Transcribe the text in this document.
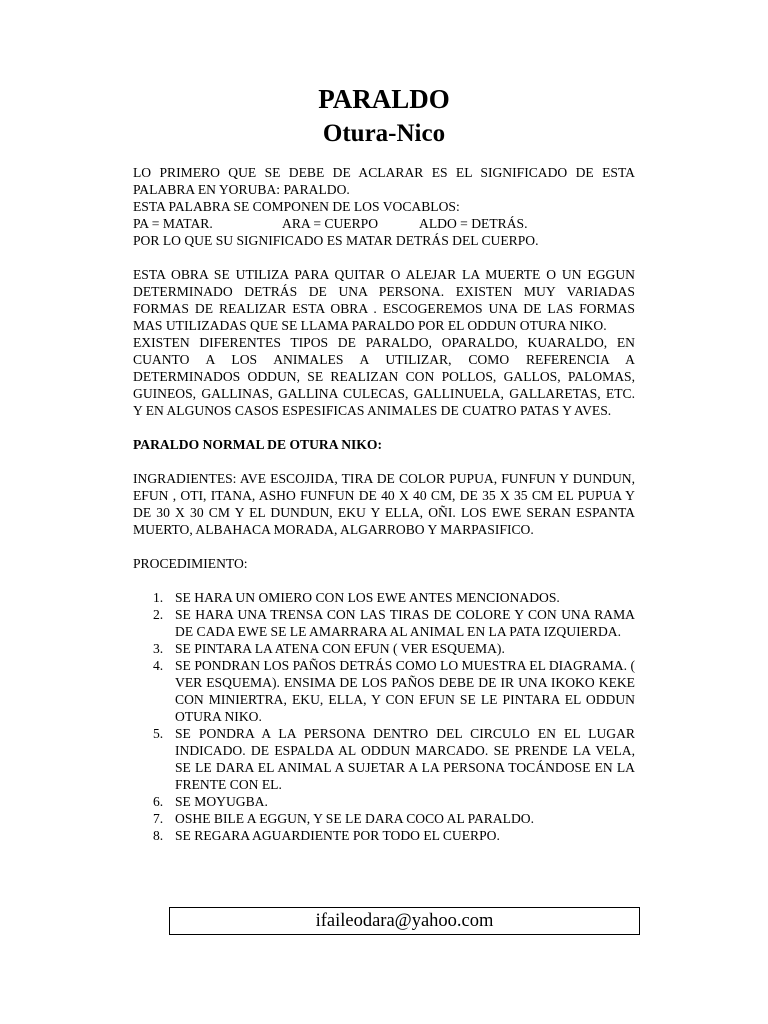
PARALDO
Otura-Nico

LO PRIMERO QUE SE DEBE DE ACLARAR ES EL SIGNIFICADO DE ESTA

PALABRA EN YORUBA: PARALDO.

ESTA PALABRA SE COMPONEN DE LOS VOCABLOS:

PA = MATAR.	ARA = CUERPO	ALDO = DETRÁS.

POR LO QUE SU SIGNIFICADO ES MATAR DETRÁS DEL CUERPO.

ESTA OBRA SE UTILIZA PARA QUITAR O ALEJAR LA MUERTE O UN EGGUN DETERMINADO DETRÁS DE UNA PERSONA. EXISTEN MUY VARIADAS FORMAS DE REALIZAR ESTA OBRA . ESCOGEREMOS UNA DE LAS FORMAS MAS UTILIZADAS QUE SE LLAMA PARALDO POR EL ODDUN OTURA NIKO.

EXISTEN DIFERENTES TIPOS DE PARALDO, OPARALDO, KUARALDO, EN CUANTO A LOS ANIMALES A UTILIZAR, COMO REFERENCIA A DETERMINADOS ODDUN, SE REALIZAN CON POLLOS, GALLOS, PALOMAS, GUINEOS, GALLINAS, GALLINA CULECAS, GALLINUELA, GALLARETAS, ETC. Y EN ALGUNOS CASOS ESPESIFICAS ANIMALES DE CUATRO PATAS Y AVES.

PARALDO NORMAL DE OTURA NIKO:

INGRADIENTES: AVE ESCOJIDA, TIRA DE COLOR PUPUA, FUNFUN Y DUNDUN, EFUN , OTI, ITANA, ASHO FUNFUN DE 40 X 40 CM, DE 35 X 35 CM EL PUPUA Y DE 30 X 30 CM Y EL DUNDUN, EKU Y ELLA, OÑI. LOS EWE SERAN ESPANTA MUERTO, ALBAHACA MORADA, ALGARROBO Y MARPASIFICO.

PROCEDIMIENTO:

1. SE HARA UN OMIERO CON LOS EWE ANTES MENCIONADOS.
2. SE HARA UNA TRENSA CON LAS TIRAS DE COLORE Y CON UNA RAMA DE CADA EWE SE LE AMARRARA AL ANIMAL EN LA PATA IZQUIERDA.
3. SE PINTARA LA ATENA CON EFUN ( VER ESQUEMA).
4. SE PONDRAN LOS PAÑOS DETRÁS COMO LO MUESTRA EL DIAGRAMA. ( VER ESQUEMA). ENSIMA DE LOS PAÑOS DEBE DE IR UNA IKOKO KEKE CON MINIERTRA, EKU, ELLA, Y CON EFUN SE LE PINTARA EL ODDUN OTURA NIKO.
5. SE PONDRA A LA PERSONA DENTRO DEL CIRCULO EN EL LUGAR INDICADO. DE ESPALDA AL ODDUN MARCADO. SE PRENDE LA VELA, SE LE DARA EL ANIMAL A SUJETAR A LA PERSONA TOCÁNDOSE EN LA FRENTE CON EL.
6. SE MOYUGBA.
7. OSHE BILE A EGGUN, Y SE LE DARA COCO AL PARALDO.
8. SE REGARA AGUARDIENTE POR TODO EL CUERPO.
ifaileodara@yahoo.com
